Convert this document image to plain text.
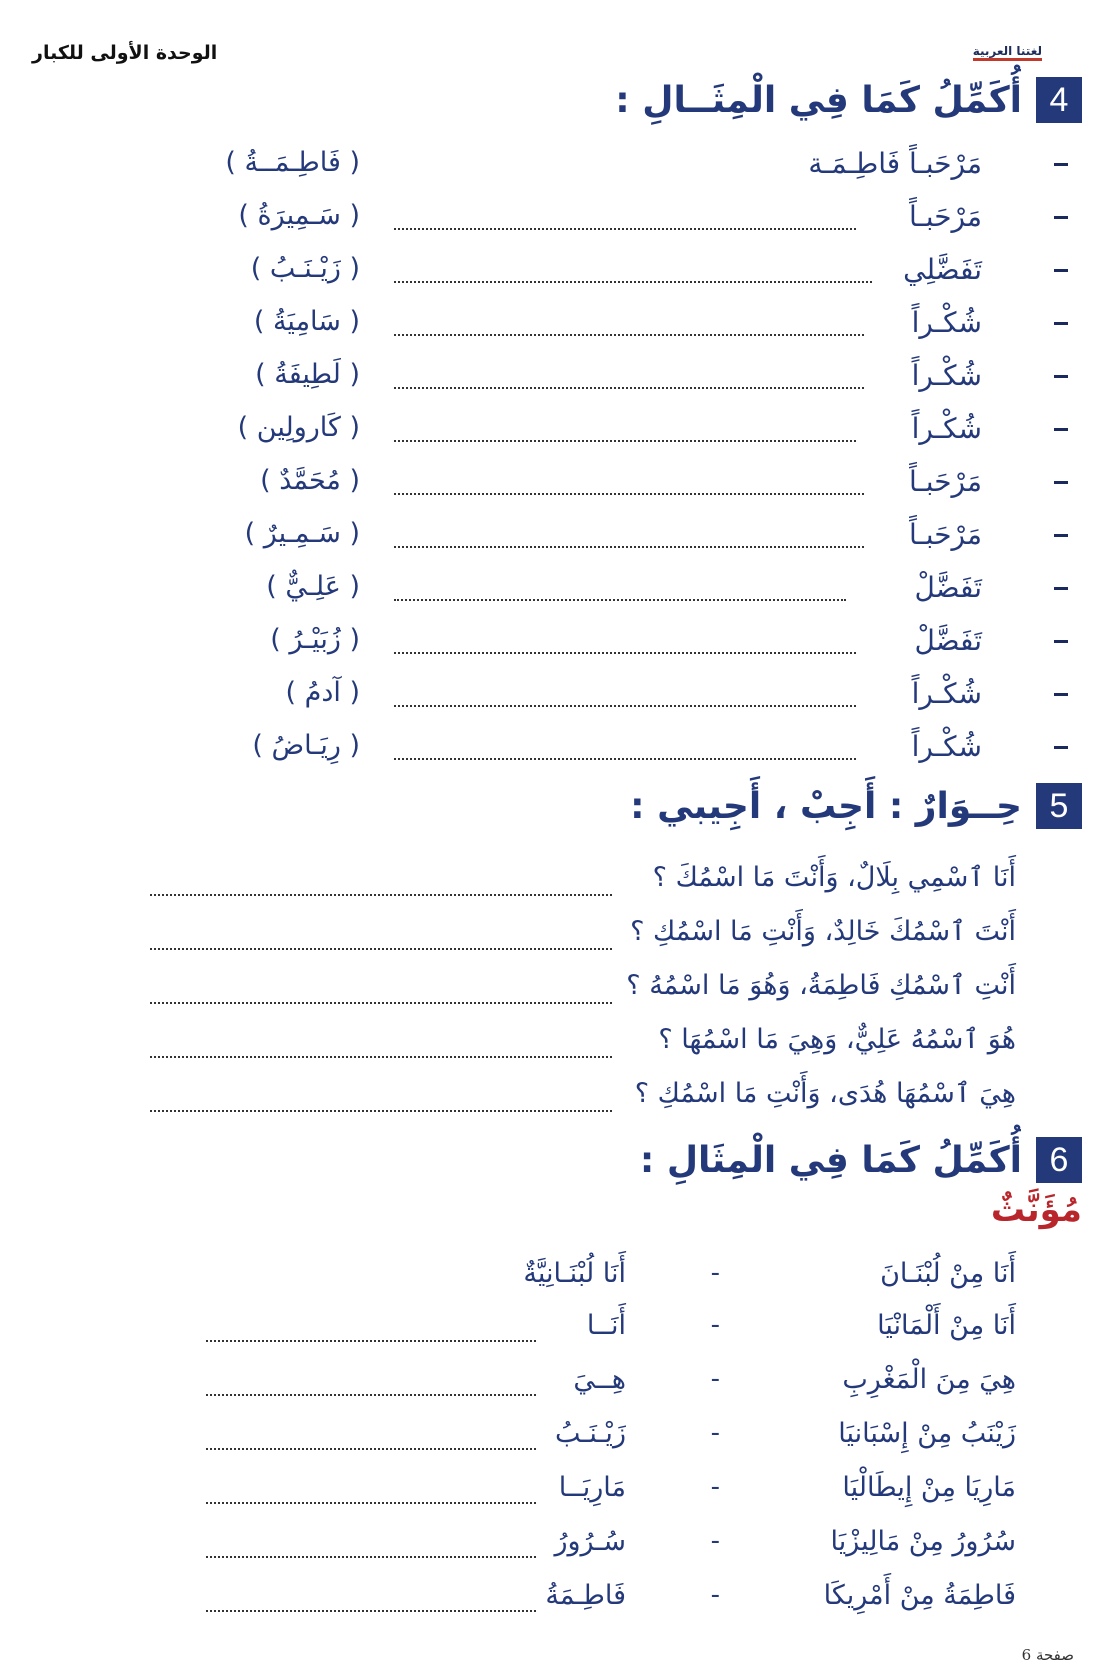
الوحدة الأولى للكبار	لغتنا العربية
4
أُكَمِّلُ كَمَا فِي الْمِثَــالِ :
مَرْحَبـاً فَاطِـمَـة
( فَاطِـمَــةُ )
مَرْحَبـاً
( سَـمِيرَةُ )
تَفَضَّلِي
( زَيْـنَـبُ )
شُكْـراً
( سَامِيَةُ )
شُكْـراً
( لَطِيفَةُ )
شُكْـراً
( كَارولِين )
مَرْحَبـاً
( مُحَمَّدٌ )
مَرْحَبـاً
( سَـمِـيرٌ )
تَفَضَّلْ
( عَلِـيٌّ )
تَفَضَّلْ
( زُبَيْـرُ )
شُكْـراً
( آدمُ )
شُكْـراً
( رِيَـاضُ )
5
حِــوَارٌ : أَجِبْ ، أَجِيبي :
أَنَا ٱسْمِي بِلَالٌ، وَأَنْتَ مَا اسْمُكَ ؟
أَنْتَ ٱسْمُكَ خَالِدٌ، وَأَنْتِ مَا اسْمُكِ ؟
أَنْتِ ٱسْمُكِ فَاطِمَةُ، وَهُوَ مَا اسْمُهُ ؟
هُوَ ٱسْمُهُ عَلِيٌّ، وَهِيَ مَا اسْمُهَا ؟
هِيَ ٱسْمُهَا هُدَى، وَأَنْتِ مَا اسْمُكِ ؟
6
أُكَمِّلُ كَمَا فِي الْمِثَالِ :
مُؤَنَّثٌ
أَنَا مِنْ لُبْنَـانَ
-
أَنَا لُبْنَـانِيَّةٌ
أَنَا مِنْ أَلْمَانْيَا
-
أَنَــا
هِيَ مِنَ الْمَغْرِبِ
-
هِــيَ
زَيْنَبُ مِنْ إِسْبَانيَا
-
زَيْـنَـبُ
مَارِيَا مِنْ إِيطَالْيَا
-
مَارِيَــا
سُرُورُ مِنْ مَالِيزْيَا
-
سُـرُورُ
فَاطِمَةُ مِنْ أَمْرِيكَا
-
فَاطِـمَةُ
صفحة 6
